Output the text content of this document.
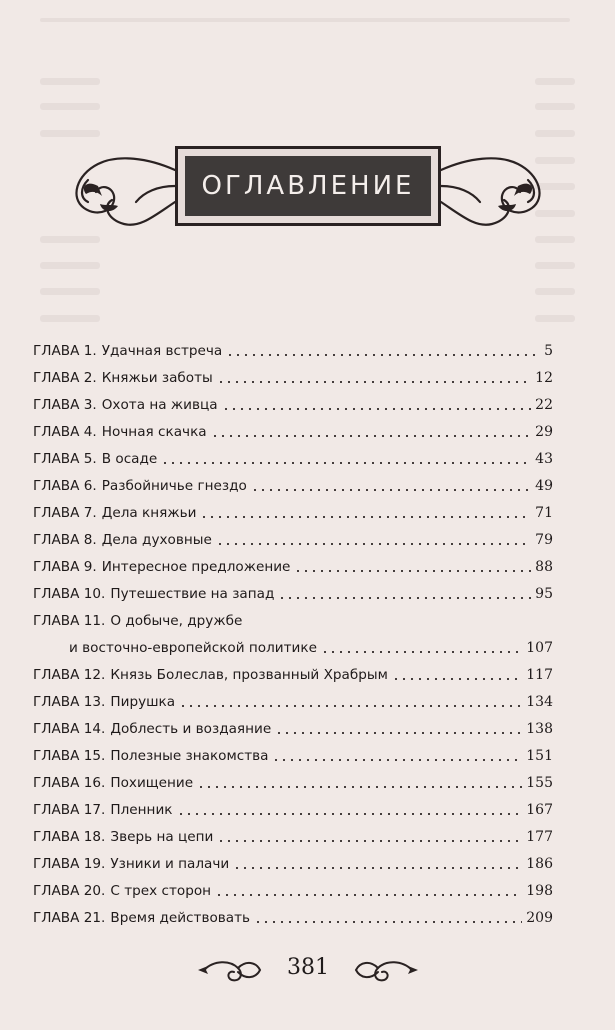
ОГЛАВЛЕНИЕ
ГЛАВА 1. Удачная встреча	5
ГЛАВА 2. Княжьи заботы	12
ГЛАВА 3. Охота на живца	22
ГЛАВА 4. Ночная скачка	29
ГЛАВА 5. В осаде	43
ГЛАВА 6. Разбойничье гнездо	49
ГЛАВА 7. Дела княжьи	71
ГЛАВА 8. Дела духовные	79
ГЛАВА 9. Интересное предложение	88
ГЛАВА 10. Путешествие на запад	95
ГЛАВА 11. О добыче, дружбе
и восточно-европейской политике	107
ГЛАВА 12. Князь Болеслав, прозванный Храбрым	117
ГЛАВА 13. Пирушка	134
ГЛАВА 14. Доблесть и воздаяние	138
ГЛАВА 15. Полезные знакомства	151
ГЛАВА 16. Похищение	155
ГЛАВА 17. Пленник	167
ГЛАВА 18. Зверь на цепи	177
ГЛАВА 19. Узники и палачи	186
ГЛАВА 20. С трех сторон	198
ГЛАВА 21. Время действовать	209
381
